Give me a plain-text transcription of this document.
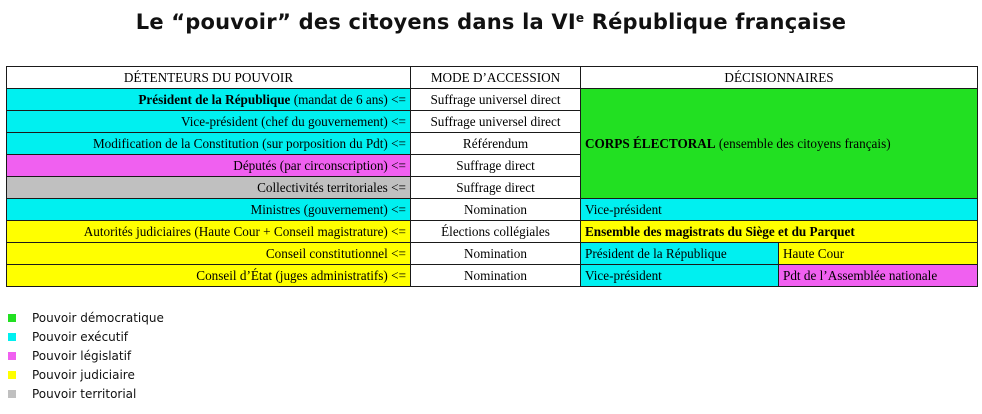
Le “pouvoir” des citoyens dans la VIe République française
DÉTENTEURS DU POUVOIR	MODE D’ACCESSION	DÉCISIONNAIRES	
Président de la République (mandat de 6 ans) <=	Suffrage universel direct	CORPS ÉLECTORAL (ensemble des citoyens français)	
Vice-président (chef du gouvernement) <=	Suffrage universel direct		
Modification de la Constitution (sur porposition du Pdt) <=	Référendum		
Députés (par circonscription) <=	Suffrage direct		
Collectivités territoriales <=	Suffrage direct		
Ministres (gouvernement) <=	Nomination	Vice-président	
Autorités judiciaires (Haute Cour + Conseil magistrature) <=	Élections collégiales	Ensemble des magistrats du Siège et du Parquet	
Conseil constitutionnel <=	Nomination	Président de la République	Haute Cour
Conseil d’État (juges administratifs) <=	Nomination	Vice-président	Pdt de l’Assemblée nationale
Pouvoir démocratique
Pouvoir exécutif
Pouvoir législatif
Pouvoir judiciaire
Pouvoir territorial
